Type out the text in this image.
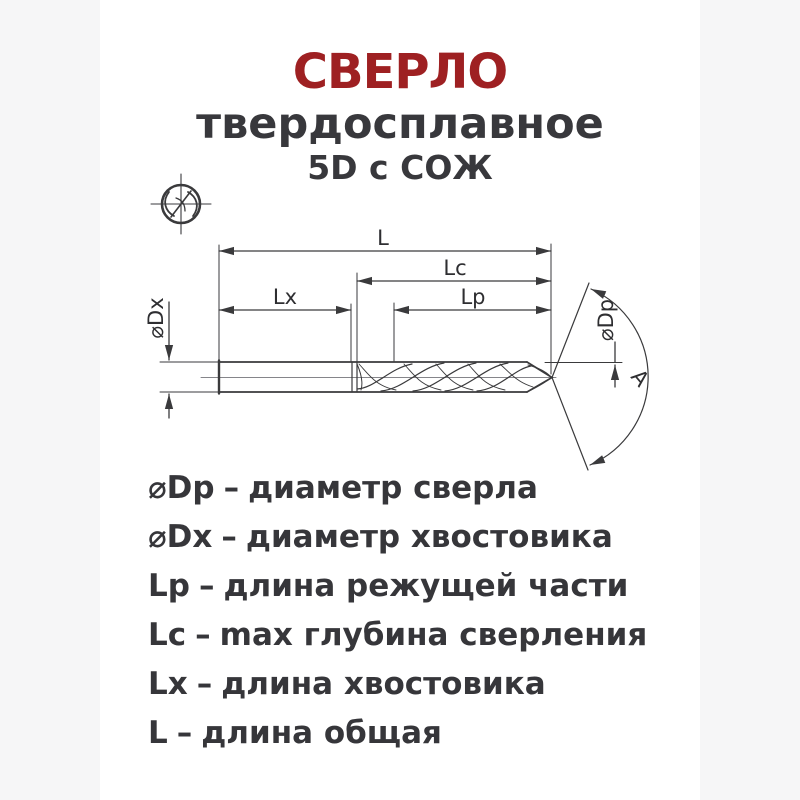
СВЕРЛО
твердосплавное
5D с СОЖ
L
Lc
Lx	Lp
⌀Dx	⌀Dp
A
⌀Dp – диаметр сверла
⌀Dx – диаметр хвостовика
Lp – длина режущей части
Lc – max глубина сверления
Lx – длина хвостовика
L – длина общая
